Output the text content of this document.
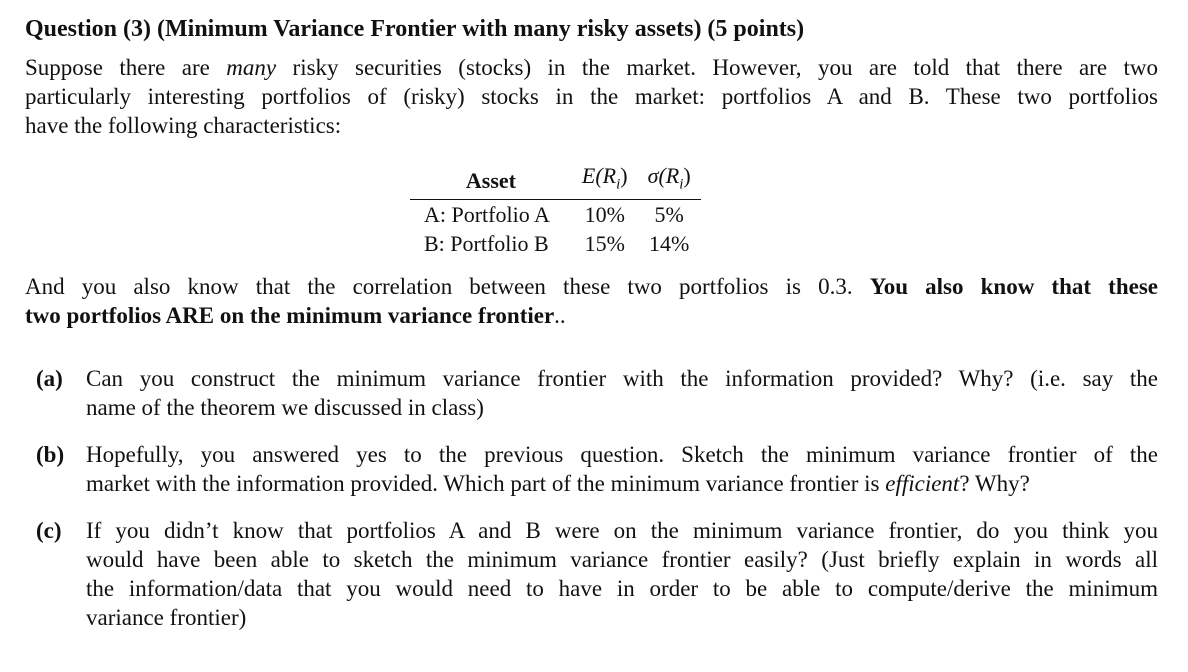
Question (3) (Minimum Variance Frontier with many risky assets) (5 points)
Suppose there are many risky securities (stocks) in the market. However, you are told that there are two
particularly interesting portfolios of (risky) stocks in the market: portfolios A and B. These two portfolios
have the following characteristics:
Asset	$E(R_i)$	$\sigma(R_i)$
A: Portfolio A	10%	5%
B: Portfolio B	15%	14%
And you also know that the correlation between these two portfolios is 0.3. You also know that these
two portfolios ARE on the minimum variance frontier..
(a) Can you construct the minimum variance frontier with the information provided? Why? (i.e. say the
name of the theorem we discussed in class)
(b) Hopefully, you answered yes to the previous question. Sketch the minimum variance frontier of the
market with the information provided. Which part of the minimum variance frontier is efficient? Why?
(c) If you didn’t know that portfolios A and B were on the minimum variance frontier, do you think you
would have been able to sketch the minimum variance frontier easily? (Just briefly explain in words all
the information/data that you would need to have in order to be able to compute/derive the minimum
variance frontier)
